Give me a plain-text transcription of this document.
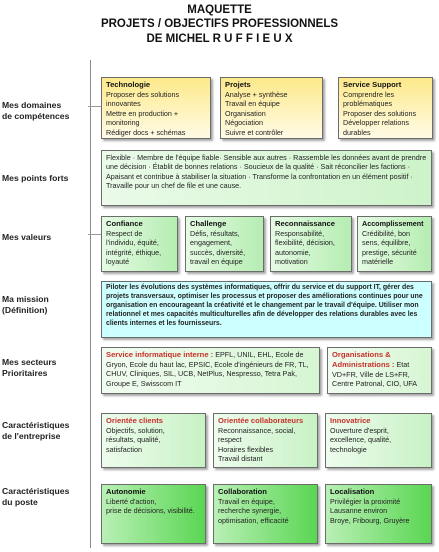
MAQUETTE
PROJETS / OBJECTIFS PROFESSIONNELS
DE MICHEL R U F F I E U X
Mes domaines
de compétences
Technologie
Proposer des solutions
innovantes
Mettre en production +
monitoring
Rédiger docs + schémas
Projets
Analyse + synthèse
Travail en équipe
Organisation
Négociation
Suivre et contrôler
Service Support
Comprendre les
problématiques
Proposer des solutions
Développer relations
durables
Mes points forts
Flexible · Membre de l'équipe fiable· Sensible aux autres · Rassemble les données avant de prendre une décision · Établit de bonnes relations · Soucieux de la qualité · Sait réconcilier les factions · Apaisant et contribue à stabiliser la situation · Transforme la confrontation en un élément positif · Travaille pour un chef de file et une cause.
Mes valeurs
Confiance
Respect de
l'individu, équité,
intégrité, éthique,
loyauté
Challenge
Défis, résultats,
engagement,
succès, diversité,
travail en équipe
Reconnaissance
Responsabilité,
flexibilité, décision,
autonomie,
motivation
Accomplissement
Crédibilité, bon
sens, équilibre,
prestige, sécurité
matérielle
Ma mission
(Définition)
Piloter les évolutions des systèmes informatiques, offrir du service et du support IT, gérer des projets transversaux, optimiser les processus et proposer des améliorations continues pour une organisation en encourageant la créativité et le changement par le travail d'équipe. Utiliser mon relationnel et mes capacités multiculturelles afin de développer des relations durables avec les clients internes et les fournisseurs.
Mes secteurs
Prioritaires
Service informatique interne : EPFL, UNIL, EHL, Ecole de Gryon, Ecole du haut lac, EPSIC, Ecole d'ingénieurs de FR, TL, CHUV, Cliniques, SIL, UCB, NetPlus, Nespresso, Tetra Pak, Groupe E, Swisscom IT
Organisations & Administrations : Etat VD+FR, Ville de LS+FR, Centre Patronal, CIO, UFA
Caractéristiques
de l'entreprise
Orientée clients
Objectifs, solution,
résultats, qualité,
satisfaction
Orientée collaborateurs
Reconnaissance, social,
respect
Horaires flexibles
Travail distant
Innovatrice
Ouverture d'esprit,
excellence, qualité,
technologie
Caractéristiques
du poste
Autonomie
Liberté d'action,
prise de décisions, visibilité.
Collaboration
Travail en équipe,
recherche synergie,
optimisation, efficacité
Localisation
Privilégier la proximité
Lausanne environ
Broye, Fribourg, Gruyère
